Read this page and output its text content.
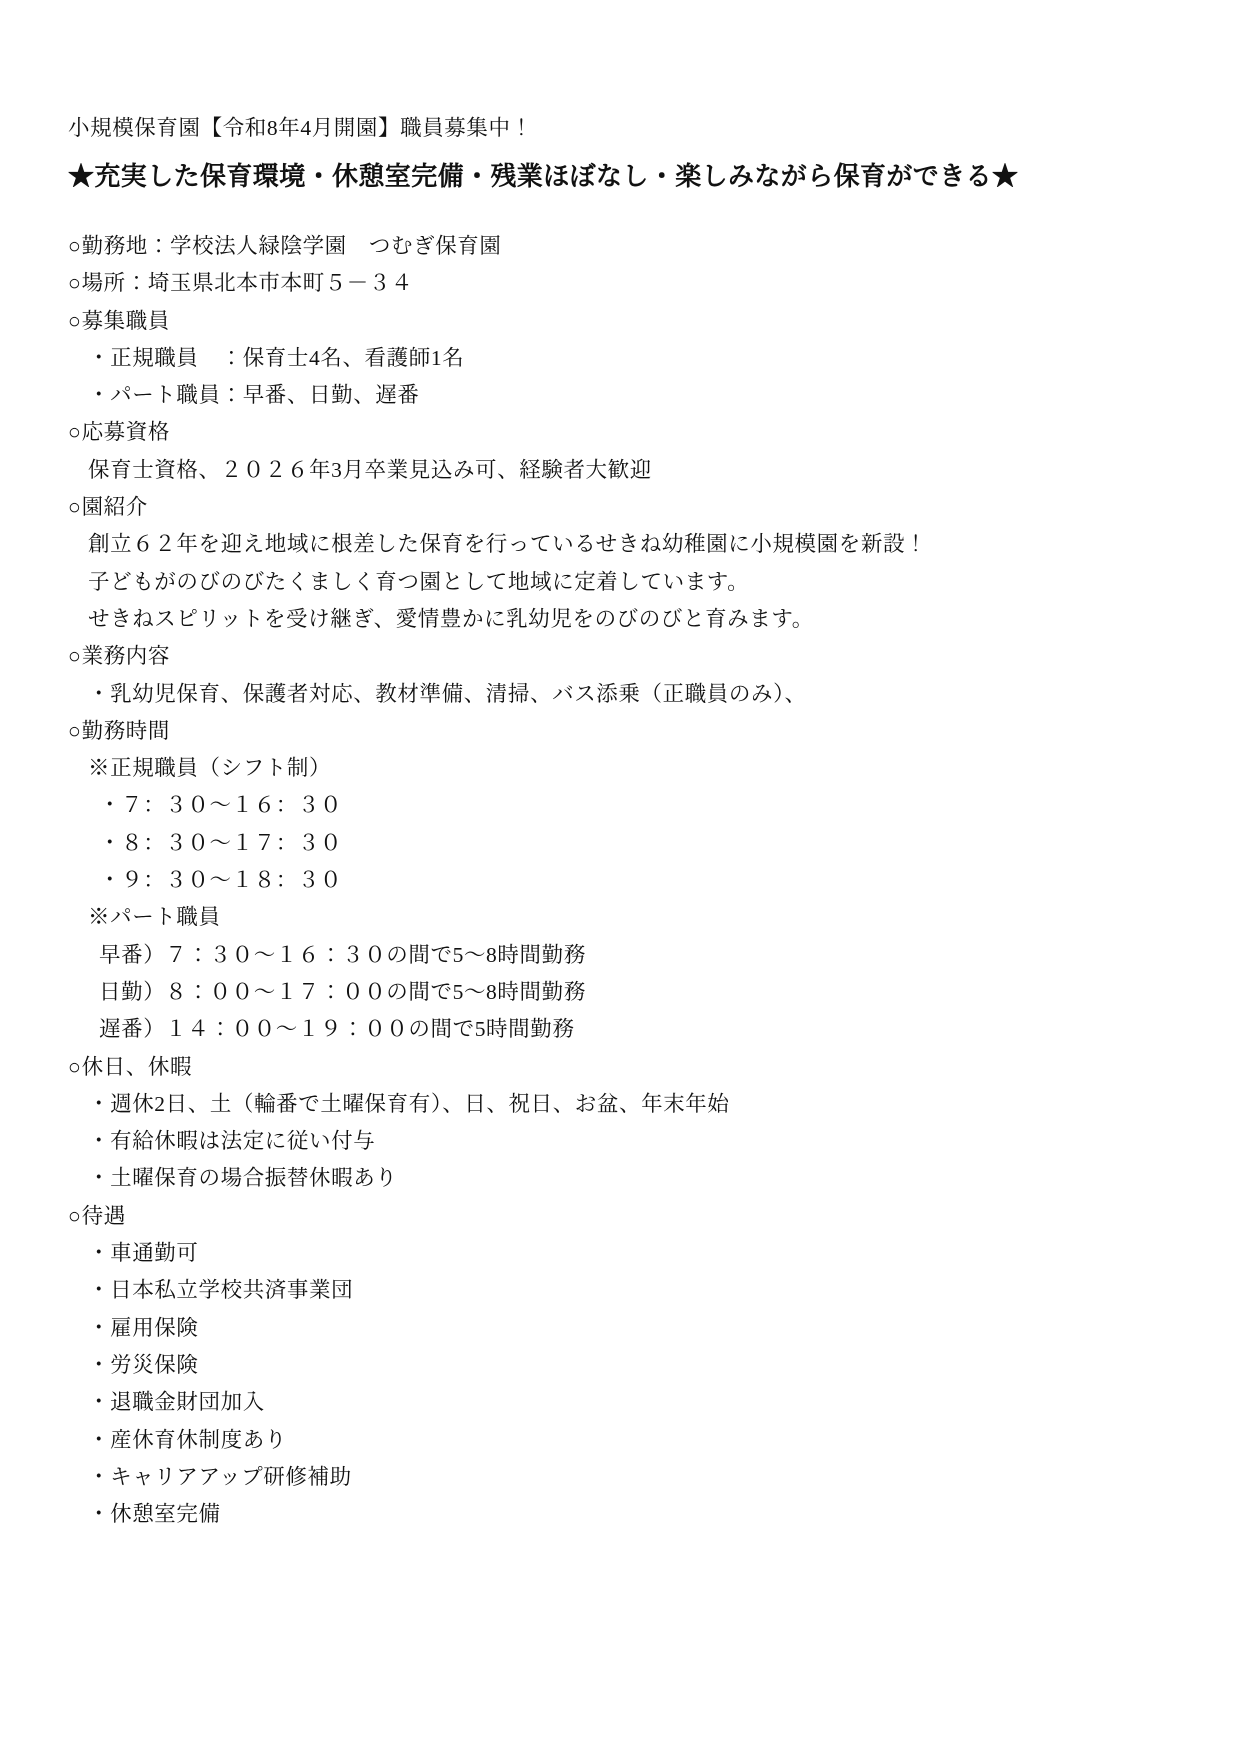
小規模保育園【令和8年4月開園】職員募集中！
★充実した保育環境・休憩室完備・残業ほぼなし・楽しみながら保育ができる★
○勤務地：学校法人緑陰学園　つむぎ保育園
○場所：埼玉県北本市本町５－３４
○募集職員
・正規職員　：保育士4名、看護師1名
・パート職員：早番、日勤、遅番
○応募資格
保育士資格、２０２６年3月卒業見込み可、経験者大歓迎
○園紹介
創立６２年を迎え地域に根差した保育を行っているせきね幼稚園に小規模園を新設！
子どもがのびのびたくましく育つ園として地域に定着しています。
せきねスピリットを受け継ぎ、愛情豊かに乳幼児をのびのびと育みます。
○業務内容
・乳幼児保育、保護者対応、教材準備、清掃、バス添乗（正職員のみ）、
○勤務時間
※正規職員（シフト制）
・７：３０～１６：３０
・８：３０～１７：３０
・９：３０～１８：３０
※パート職員
早番）７：３０～１６：３０の間で5～8時間勤務
日勤）８：００～１７：００の間で5～8時間勤務
遅番）１４：００～１９：００の間で5時間勤務
○休日、休暇
・週休2日、土（輪番で土曜保育有）、日、祝日、お盆、年末年始
・有給休暇は法定に従い付与
・土曜保育の場合振替休暇あり
○待遇
・車通勤可
・日本私立学校共済事業団
・雇用保険
・労災保険
・退職金財団加入
・産休育休制度あり
・キャリアアップ研修補助
・休憩室完備
